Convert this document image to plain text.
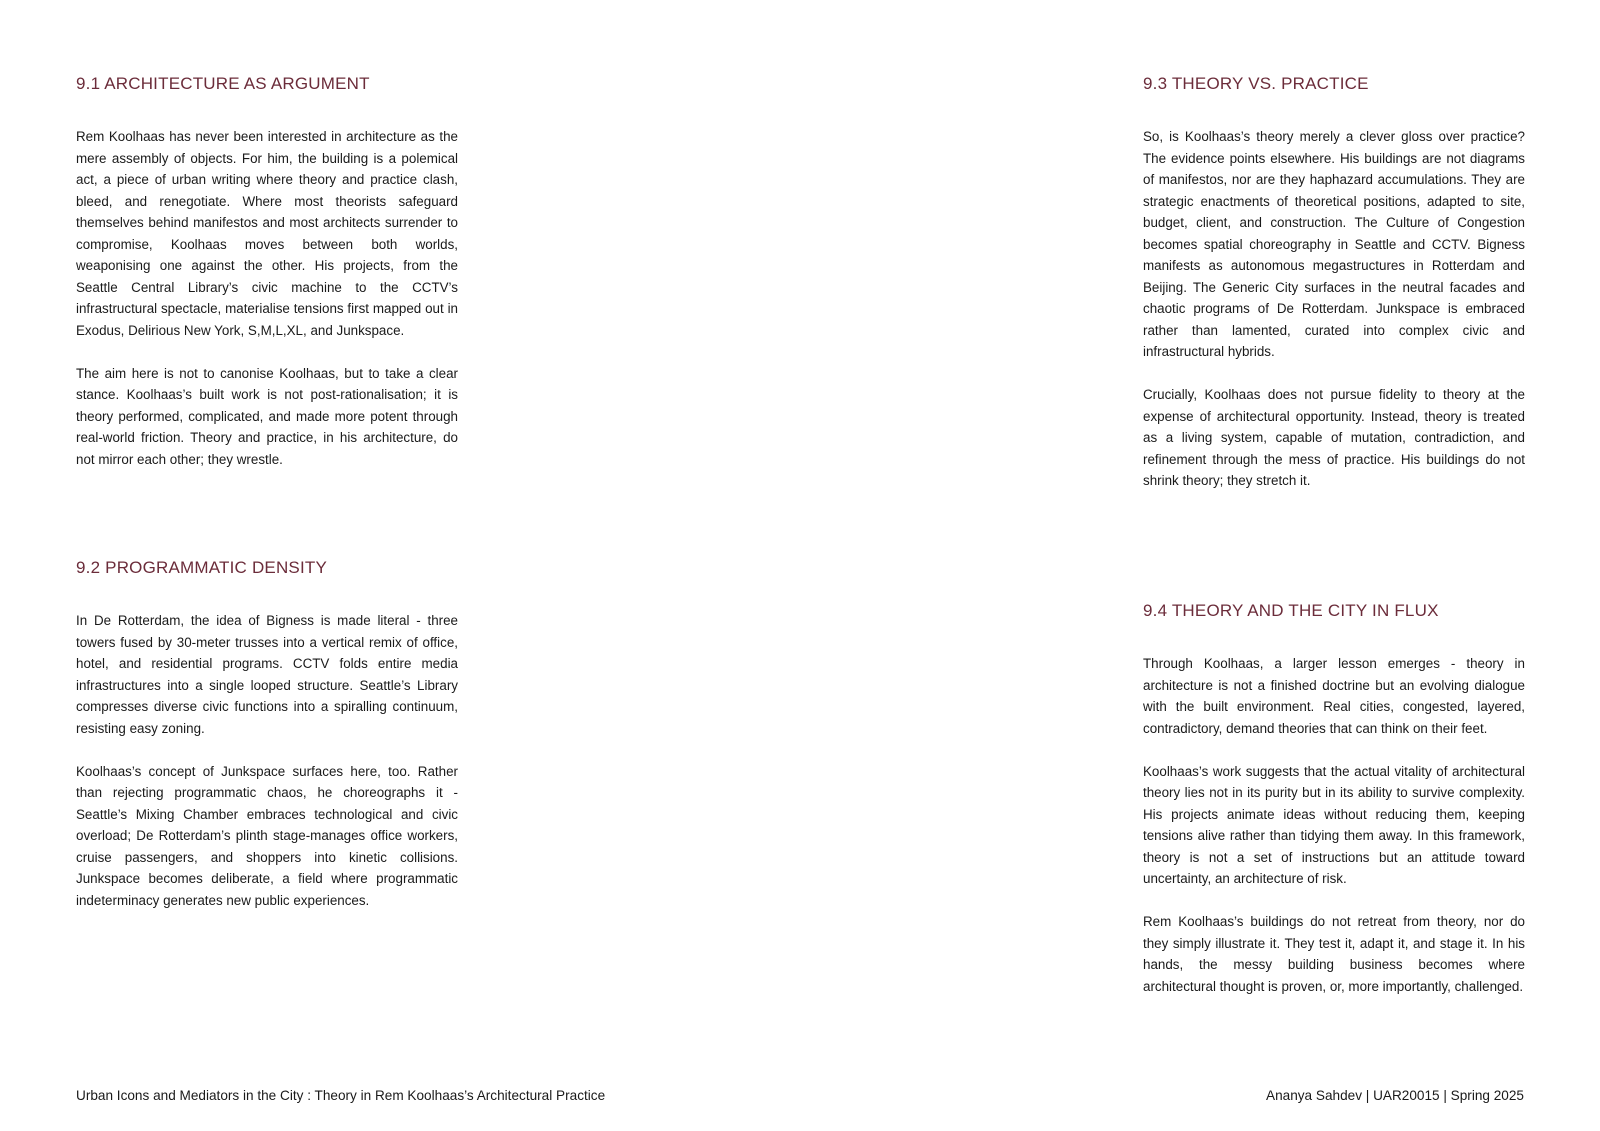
9.1 ARCHITECTURE AS ARGUMENT

Rem Koolhaas has never been interested in architecture as the mere assembly of objects. For him, the building is a polemical act, a piece of urban writing where theory and practice clash, bleed, and renegotiate. Where most theorists safeguard themselves behind manifestos and most architects surrender to compromise, Koolhaas moves between both worlds, weaponising one against the other. His projects, from the Seattle Central Library’s civic machine to the CCTV’s infrastructural spectacle, materialise tensions first mapped out in Exodus, Delirious New York, S,M,L,XL, and Junkspace.

The aim here is not to canonise Koolhaas, but to take a clear stance. Koolhaas’s built work is not post-rationalisation; it is theory performed, complicated, and made more potent through real-world friction. Theory and practice, in his architecture, do not mirror each other; they wrestle.

9.2 PROGRAMMATIC DENSITY

In De Rotterdam, the idea of Bigness is made literal - three towers fused by 30-meter trusses into a vertical remix of office, hotel, and residential programs. CCTV folds entire media infrastructures into a single looped structure. Seattle’s Library compresses diverse civic functions into a spiralling continuum, resisting easy zoning.

Koolhaas’s concept of Junkspace surfaces here, too. Rather than rejecting programmatic chaos, he choreographs it - Seattle’s Mixing Chamber embraces technological and civic overload; De Rotterdam’s plinth stage-manages office workers, cruise passengers, and shoppers into kinetic collisions. Junkspace becomes deliberate, a field where programmatic indeterminacy generates new public experiences.

9.3 THEORY VS. PRACTICE

So, is Koolhaas’s theory merely a clever gloss over practice? The evidence points elsewhere. His buildings are not diagrams of manifestos, nor are they haphazard accumulations. They are strategic enactments of theoretical positions, adapted to site, budget, client, and construction. The Culture of Congestion becomes spatial choreography in Seattle and CCTV. Bigness manifests as autonomous megastructures in Rotterdam and Beijing. The Generic City surfaces in the neutral facades and chaotic programs of De Rotterdam. Junkspace is embraced rather than lamented, curated into complex civic and infrastructural hybrids.

Crucially, Koolhaas does not pursue fidelity to theory at the expense of architectural opportunity. Instead, theory is treated as a living system, capable of mutation, contradiction, and refinement through the mess of practice. His buildings do not shrink theory; they stretch it.

9.4 THEORY AND THE CITY IN FLUX

Through Koolhaas, a larger lesson emerges - theory in architecture is not a finished doctrine but an evolving dialogue with the built environment. Real cities, congested, layered, contradictory, demand theories that can think on their feet.

Koolhaas’s work suggests that the actual vitality of architectural theory lies not in its purity but in its ability to survive complexity. His projects animate ideas without reducing them, keeping tensions alive rather than tidying them away. In this framework, theory is not a set of instructions but an attitude toward uncertainty, an architecture of risk.

Rem Koolhaas’s buildings do not retreat from theory, nor do they simply illustrate it. They test it, adapt it, and stage it. In his hands, the messy building business becomes where architectural thought is proven, or, more importantly, challenged.

Urban Icons and Mediators in the City : Theory in Rem Koolhaas’s Architectural Practice	Ananya Sahdev | UAR20015 | Spring 2025
